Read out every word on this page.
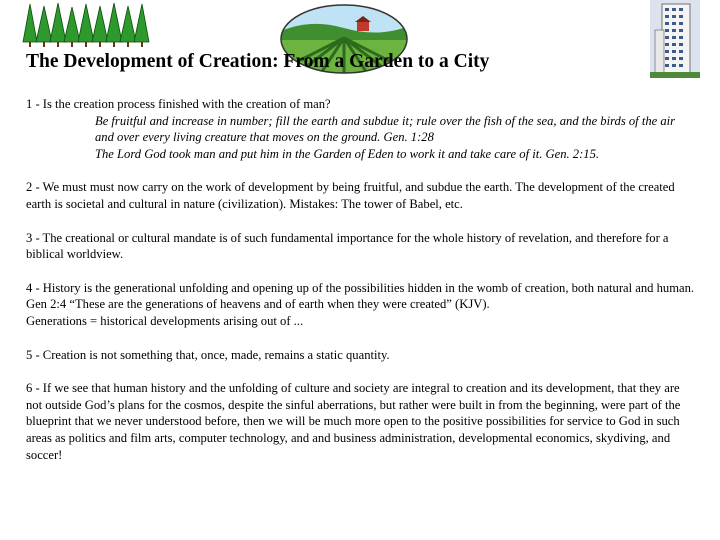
The Development of Creation: From a Garden to a City
1 - Is the creation process finished with the creation of man?
Be fruitful and increase in number; fill the earth and subdue it; rule over the fish of the sea, and the birds of the air and over every living creature that moves on the ground. Gen. 1:28
The Lord God took man and put him in the Garden of Eden to work it and take care of it. Gen. 2:15.
2 - We must must now carry on the work of development by being fruitful, and subdue the earth. The development of the created earth is societal and cultural in nature (civilization). Mistakes: The tower of Babel, etc.
3 - The creational or cultural mandate is of such fundamental importance for the whole history of revelation, and therefore for a biblical worldview.
4 - History is the generational unfolding and opening up of the possibilities hidden in the womb of creation, both natural and human.
Gen 2:4 “These are the generations of heavens and of earth when they were created” (KJV).
Generations = historical developments arising out of ...
5 - Creation is not something that, once, made, remains a static quantity.
6 - If we see that human history and the unfolding of culture and society are integral to creation and its development, that they are not outside God’s plans for the cosmos, despite the sinful aberrations, but rather were built in from the beginning, were part of the blueprint that we never understood before, then we will be much more open to the positive possibilities for service to God in such areas as politics and film arts, computer technology, and and business administration, developmental economics, skydiving, and soccer!
